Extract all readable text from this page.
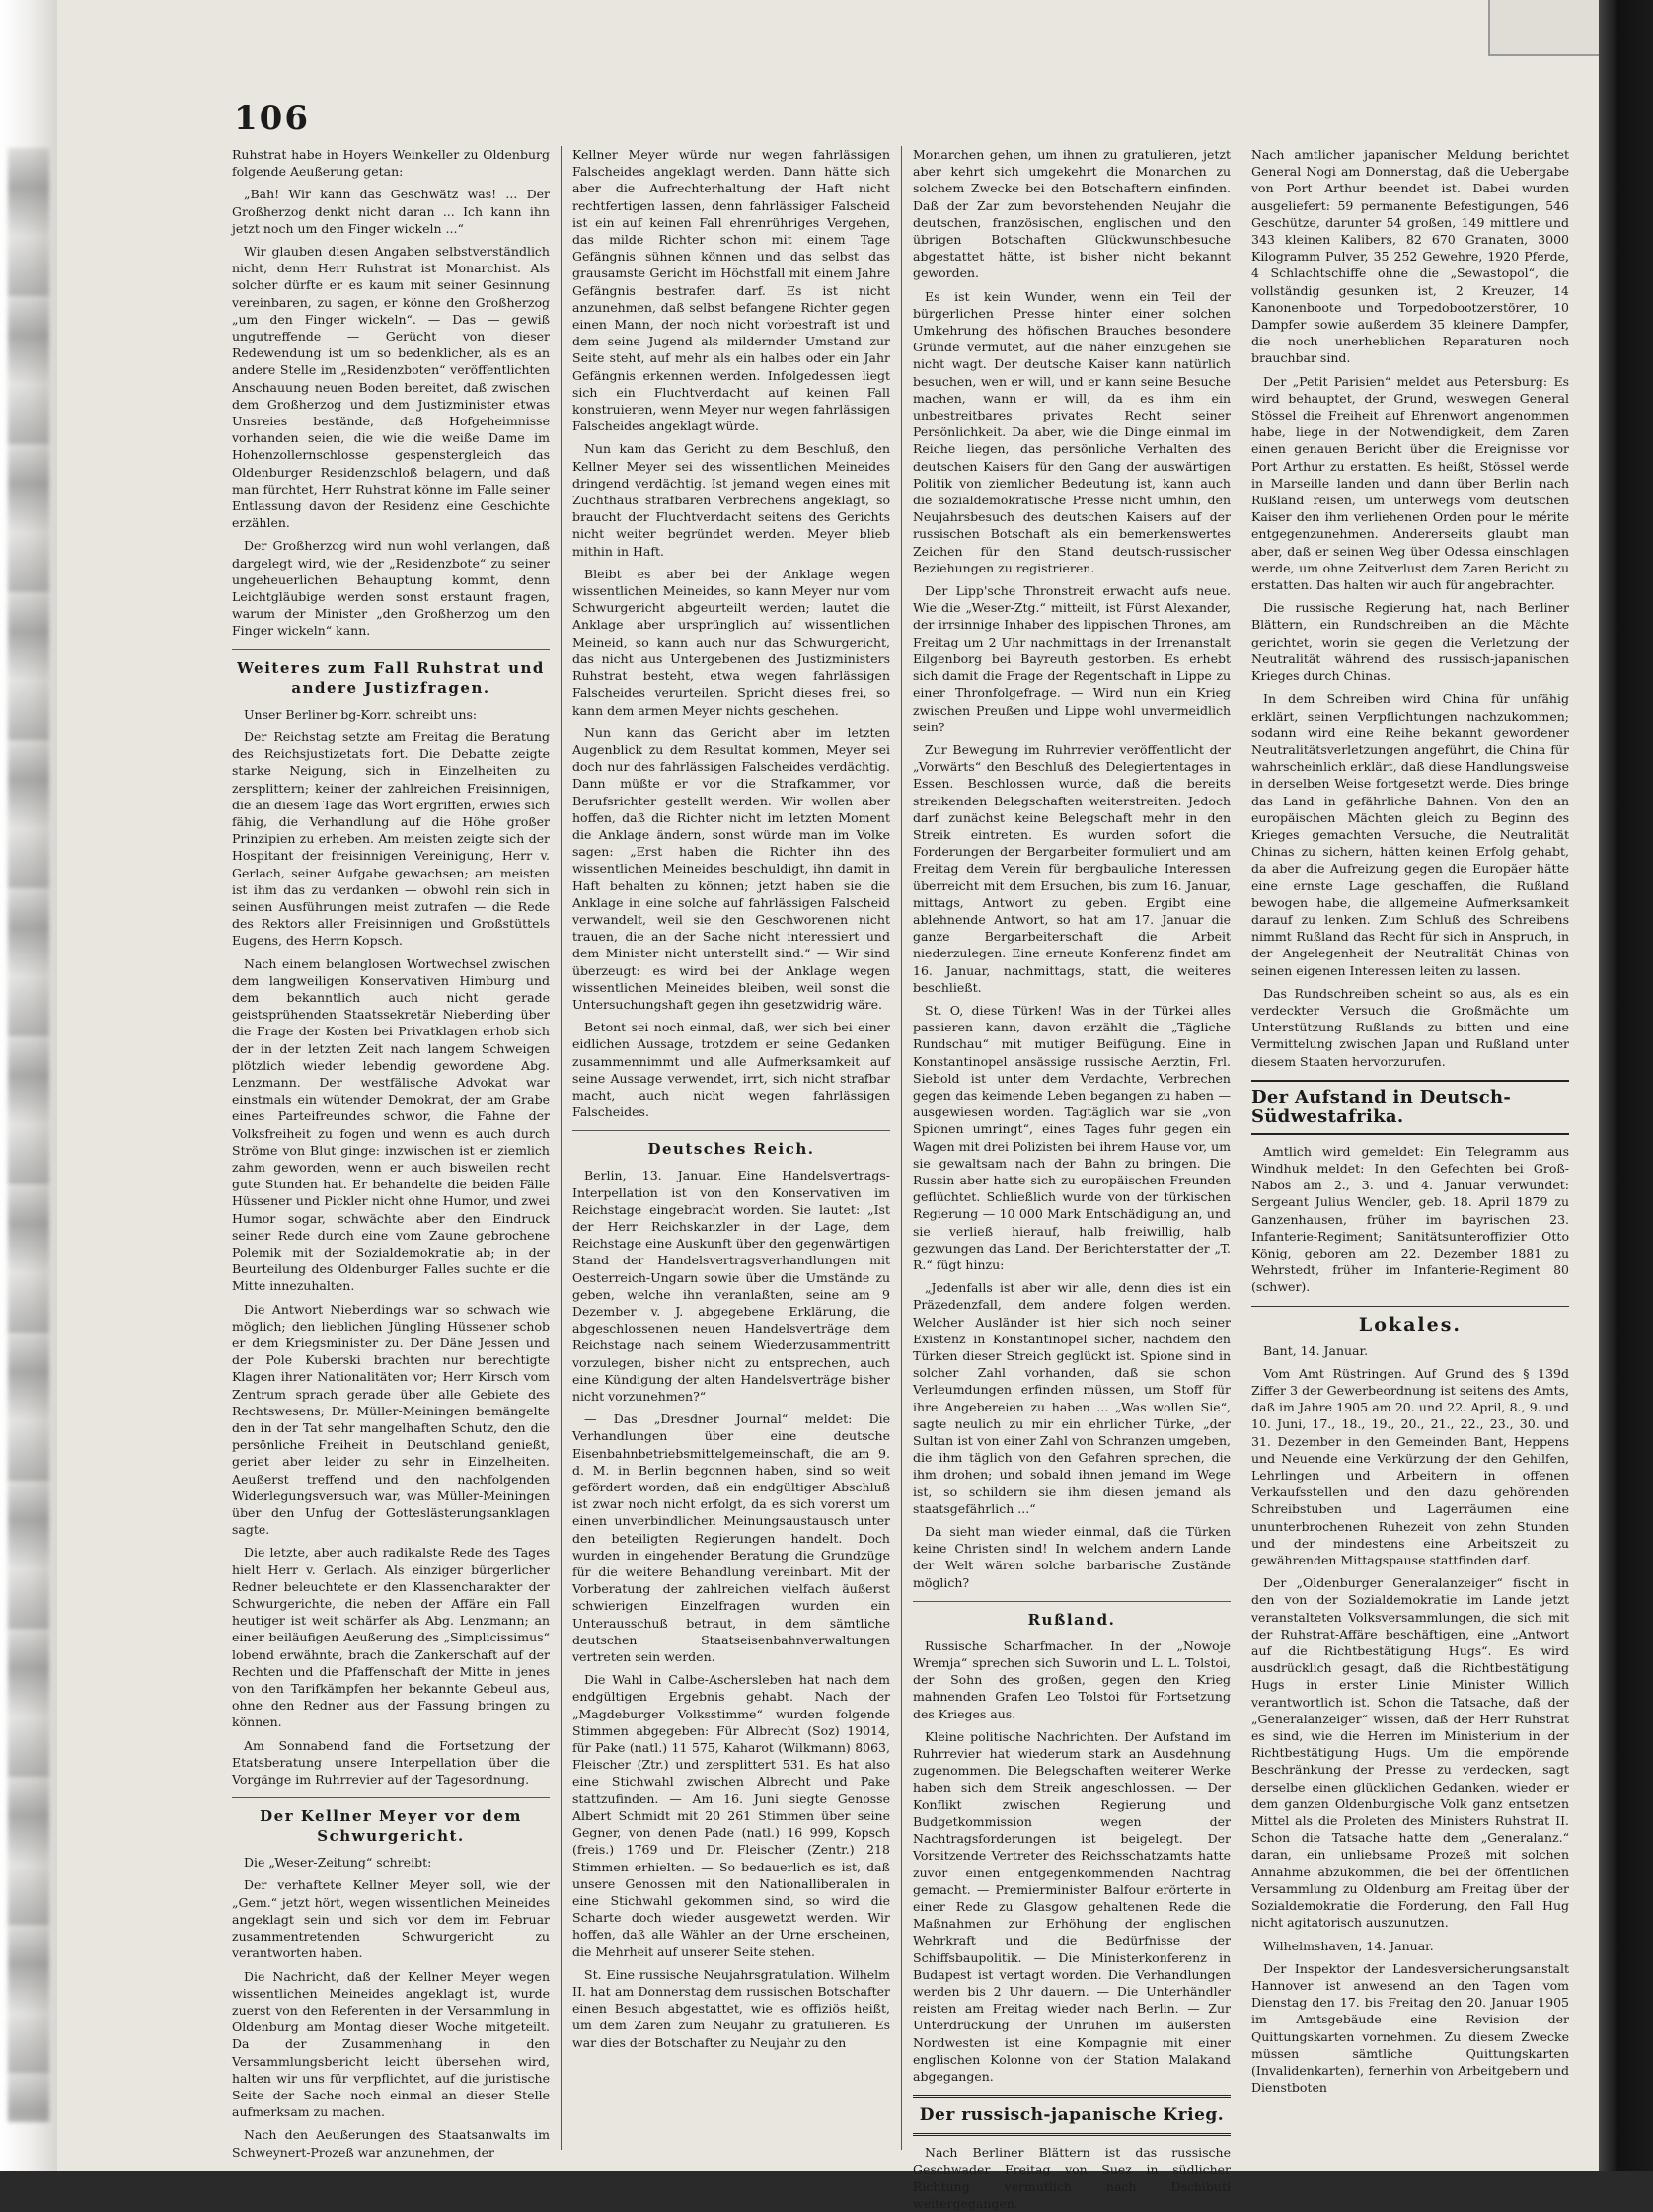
106

Ruhstrat habe in Hoyers Weinkeller zu Oldenburg folgende Aeußerung getan:

„Bah! Wir kann das Geschwätz was! ... Der Großherzog denkt nicht daran ... Ich kann ihn jetzt noch um den Finger wickeln ...“

Wir glauben diesen Angaben selbstverständlich nicht, denn Herr Ruhstrat ist Monarchist. Als solcher dürfte er es kaum mit seiner Gesinnung vereinbaren, zu sagen, er könne den Großherzog „um den Finger wickeln“. — Das — gewiß ungutreffende — Gerücht von dieser Redewendung ist um so bedenklicher, als es an andere Stelle im „Residenzboten“ veröffentlichten Anschauung neuen Boden bereitet, daß zwischen dem Großherzog und dem Justizminister etwas Unsreies bestände, daß Hofgeheimnisse vorhanden seien, die wie die weiße Dame im Hohenzollernschlosse gespenstergleich das Oldenburger Residenzschloß belagern, und daß man fürchtet, Herr Ruhstrat könne im Falle seiner Entlassung davon der Residenz eine Geschichte erzählen.

Der Großherzog wird nun wohl verlangen, daß dargelegt wird, wie der „Residenzbote“ zu seiner ungeheuerlichen Behauptung kommt, denn Leichtgläubige werden sonst erstaunt fragen, warum der Minister „den Großherzog um den Finger wickeln“ kann.

Weiteres zum Fall Ruhstrat und andere Justizfragen.

Unser Berliner bg-Korr. schreibt uns:

Der Reichstag setzte am Freitag die Beratung des Reichsjustizetats fort. Die Debatte zeigte starke Neigung, sich in Einzelheiten zu zersplittern; keiner der zahlreichen Freisinnigen, die an diesem Tage das Wort ergriffen, erwies sich fähig, die Verhandlung auf die Höhe großer Prinzipien zu erheben. Am meisten zeigte sich der Hospitant der freisinnigen Vereinigung, Herr v. Gerlach, seiner Aufgabe gewachsen; am meisten ist ihm das zu verdanken — obwohl rein sich in seinen Ausführungen meist zutrafen — die Rede des Rektors aller Freisinnigen und Großstüttels Eugens, des Herrn Kopsch.

Nach einem belanglosen Wortwechsel zwischen dem langweiligen Konservativen Himburg und dem bekanntlich auch nicht gerade geistsprühenden Staatssekretär Nieberding über die Frage der Kosten bei Privatklagen erhob sich der in der letzten Zeit nach langem Schweigen plötzlich wieder lebendig gewordene Abg. Lenzmann. Der westfälische Advokat war einstmals ein wütender Demokrat, der am Grabe eines Parteifreundes schwor, die Fahne der Volksfreiheit zu fogen und wenn es auch durch Ströme von Blut ginge: inzwischen ist er ziemlich zahm geworden, wenn er auch bisweilen recht gute Stunden hat. Er behandelte die beiden Fälle Hüssener und Pickler nicht ohne Humor, und zwei Humor sogar, schwächte aber den Eindruck seiner Rede durch eine vom Zaune gebrochene Polemik mit der Sozialdemokratie ab; in der Beurteilung des Oldenburger Falles suchte er die Mitte innezuhalten.

Die Antwort Nieberdings war so schwach wie möglich; den lieblichen Jüngling Hüssener schob er dem Kriegsminister zu. Der Däne Jessen und der Pole Kuberski brachten nur berechtigte Klagen ihrer Nationalitäten vor; Herr Kirsch vom Zentrum sprach gerade über alle Gebiete des Rechtswesens; Dr. Müller-Meiningen bemängelte den in der Tat sehr mangelhaften Schutz, den die persönliche Freiheit in Deutschland genießt, geriet aber leider zu sehr in Einzelheiten. Aeußerst treffend und den nachfolgenden Widerlegungsversuch war, was Müller-Meiningen über den Unfug der Gotteslästerungsanklagen sagte.

Die letzte, aber auch radikalste Rede des Tages hielt Herr v. Gerlach. Als einziger bürgerlicher Redner beleuchtete er den Klassencharakter der Schwurgerichte, die neben der Affäre ein Fall heutiger ist weit schärfer als Abg. Lenzmann; an einer beiläufigen Aeußerung des „Simplicissimus“ lobend erwähnte, brach die Zankerschaft auf der Rechten und die Pfaffenschaft der Mitte in jenes von den Tarifkämpfen her bekannte Gebeul aus, ohne den Redner aus der Fassung bringen zu können.

Am Sonnabend fand die Fortsetzung der Etatsberatung unsere Interpellation über die Vorgänge im Ruhrrevier auf der Tagesordnung.

Der Kellner Meyer vor dem Schwurgericht.

Die „Weser-Zeitung“ schreibt:

Der verhaftete Kellner Meyer soll, wie der „Gem.“ jetzt hört, wegen wissentlichen Meineides angeklagt sein und sich vor dem im Februar zusammentretenden Schwurgericht zu verantworten haben.

Die Nachricht, daß der Kellner Meyer wegen wissentlichen Meineides angeklagt ist, wurde zuerst von den Referenten in der Versammlung in Oldenburg am Montag dieser Woche mitgeteilt. Da der Zusammenhang in den Versammlungsbericht leicht übersehen wird, halten wir uns für verpflichtet, auf die juristische Seite der Sache noch einmal an dieser Stelle aufmerksam zu machen.

Nach den Aeußerungen des Staatsanwalts im Schweynert-Prozeß war anzunehmen, der

Kellner Meyer würde nur wegen fahrlässigen Falscheides angeklagt werden. Dann hätte sich aber die Aufrechterhaltung der Haft nicht rechtfertigen lassen, denn fahrlässiger Falscheid ist ein auf keinen Fall ehrenrühriges Vergehen, das milde Richter schon mit einem Tage Gefängnis sühnen können und das selbst das grausamste Gericht im Höchstfall mit einem Jahre Gefängnis bestrafen darf. Es ist nicht anzunehmen, daß selbst befangene Richter gegen einen Mann, der noch nicht vorbestraft ist und dem seine Jugend als mildernder Umstand zur Seite steht, auf mehr als ein halbes oder ein Jahr Gefängnis erkennen werden. Infolgedessen liegt sich ein Fluchtverdacht auf keinen Fall konstruieren, wenn Meyer nur wegen fahrlässigen Falscheides angeklagt würde.

Nun kam das Gericht zu dem Beschluß, den Kellner Meyer sei des wissentlichen Meineides dringend verdächtig. Ist jemand wegen eines mit Zuchthaus strafbaren Verbrechens angeklagt, so braucht der Fluchtverdacht seitens des Gerichts nicht weiter begründet werden. Meyer blieb mithin in Haft.

Bleibt es aber bei der Anklage wegen wissentlichen Meineides, so kann Meyer nur vom Schwurgericht abgeurteilt werden; lautet die Anklage aber ursprünglich auf wissentlichen Meineid, so kann auch nur das Schwurgericht, das nicht aus Untergebenen des Justizministers Ruhstrat besteht, etwa wegen fahrlässigen Falscheides verurteilen. Spricht dieses frei, so kann dem armen Meyer nichts geschehen.

Nun kann das Gericht aber im letzten Augenblick zu dem Resultat kommen, Meyer sei doch nur des fahrlässigen Falscheides verdächtig. Dann müßte er vor die Strafkammer, vor Berufsrichter gestellt werden. Wir wollen aber hoffen, daß die Richter nicht im letzten Moment die Anklage ändern, sonst würde man im Volke sagen: „Erst haben die Richter ihn des wissentlichen Meineides beschuldigt, ihn damit in Haft behalten zu können; jetzt haben sie die Anklage in eine solche auf fahrlässigen Falscheid verwandelt, weil sie den Geschworenen nicht trauen, die an der Sache nicht interessiert und dem Minister nicht unterstellt sind.“ — Wir sind überzeugt: es wird bei der Anklage wegen wissentlichen Meineides bleiben, weil sonst die Untersuchungshaft gegen ihn gesetzwidrig wäre.

Betont sei noch einmal, daß, wer sich bei einer eidlichen Aussage, trotzdem er seine Gedanken zusammennimmt und alle Aufmerksamkeit auf seine Aussage verwendet, irrt, sich nicht strafbar macht, auch nicht wegen fahrlässigen Falscheides.

Deutsches Reich.

Berlin, 13. Januar. Eine Handelsvertrags-Interpellation ist von den Konservativen im Reichstage eingebracht worden. Sie lautet: „Ist der Herr Reichskanzler in der Lage, dem Reichstage eine Auskunft über den gegenwärtigen Stand der Handelsvertragsverhandlungen mit Oesterreich-Ungarn sowie über die Umstände zu geben, welche ihn veranlaßten, seine am 9 Dezember v. J. abgegebene Erklärung, die abgeschlossenen neuen Handelsverträge dem Reichstage nach seinem Wiederzusammentritt vorzulegen, bisher nicht zu entsprechen, auch eine Kündigung der alten Handelsverträge bisher nicht vorzunehmen?“

— Das „Dresdner Journal“ meldet: Die Verhandlungen über eine deutsche Eisenbahnbetriebsmittelgemeinschaft, die am 9. d. M. in Berlin begonnen haben, sind so weit gefördert worden, daß ein endgültiger Abschluß ist zwar noch nicht erfolgt, da es sich vorerst um einen unverbindlichen Meinungsaustausch unter den beteiligten Regierungen handelt. Doch wurden in eingehender Beratung die Grundzüge für die weitere Behandlung vereinbart. Mit der Vorberatung der zahlreichen vielfach äußerst schwierigen Einzelfragen wurden ein Unterausschuß betraut, in dem sämtliche deutschen Staatseisenbahnverwaltungen vertreten sein werden.

Die Wahl in Calbe-Aschersleben hat nach dem endgültigen Ergebnis gehabt. Nach der „Magdeburger Volksstimme“ wurden folgende Stimmen abgegeben: Für Albrecht (Soz) 19014, für Pake (natl.) 11 575, Kaharot (Wilkmann) 8063, Fleischer (Ztr.) und zersplittert 531. Es hat also eine Stichwahl zwischen Albrecht und Pake stattzufinden. — Am 16. Juni siegte Genosse Albert Schmidt mit 20 261 Stimmen über seine Gegner, von denen Pade (natl.) 16 999, Kopsch (freis.) 1769 und Dr. Fleischer (Zentr.) 218 Stimmen erhielten. — So bedauerlich es ist, daß unsere Genossen mit den Nationalliberalen in eine Stichwahl gekommen sind, so wird die Scharte doch wieder ausgewetzt werden. Wir hoffen, daß alle Wähler an der Urne erscheinen, die Mehrheit auf unserer Seite stehen.

St. Eine russische Neujahrsgratulation. Wilhelm II. hat am Donnerstag dem russischen Botschafter einen Besuch abgestattet, wie es offiziös heißt, um dem Zaren zum Neujahr zu gratulieren. Es war dies der Botschafter zu Neujahr zu den

Monarchen gehen, um ihnen zu gratulieren, jetzt aber kehrt sich umgekehrt die Monarchen zu solchem Zwecke bei den Botschaftern einfinden. Daß der Zar zum bevorstehenden Neujahr die deutschen, französischen, englischen und den übrigen Botschaften Glückwunschbesuche abgestattet hätte, ist bisher nicht bekannt geworden.

Es ist kein Wunder, wenn ein Teil der bürgerlichen Presse hinter einer solchen Umkehrung des höfischen Brauches besondere Gründe vermutet, auf die näher einzugehen sie nicht wagt. Der deutsche Kaiser kann natürlich besuchen, wen er will, und er kann seine Besuche machen, wann er will, da es ihm ein unbestreitbares privates Recht seiner Persönlichkeit. Da aber, wie die Dinge einmal im Reiche liegen, das persönliche Verhalten des deutschen Kaisers für den Gang der auswärtigen Politik von ziemlicher Bedeutung ist, kann auch die sozialdemokratische Presse nicht umhin, den Neujahrsbesuch des deutschen Kaisers auf der russischen Botschaft als ein bemerkenswertes Zeichen für den Stand deutsch-russischer Beziehungen zu registrieren.

Der Lipp'sche Thronstreit erwacht aufs neue. Wie die „Weser-Ztg.“ mitteilt, ist Fürst Alexander, der irrsinnige Inhaber des lippischen Thrones, am Freitag um 2 Uhr nachmittags in der Irrenanstalt Eilgenborg bei Bayreuth gestorben. Es erhebt sich damit die Frage der Regentschaft in Lippe zu einer Thronfolgefrage. — Wird nun ein Krieg zwischen Preußen und Lippe wohl unvermeidlich sein?

Zur Bewegung im Ruhrrevier veröffentlicht der „Vorwärts“ den Beschluß des Delegiertentages in Essen. Beschlossen wurde, daß die bereits streikenden Belegschaften weiterstreiten. Jedoch darf zunächst keine Belegschaft mehr in den Streik eintreten. Es wurden sofort die Forderungen der Bergarbeiter formuliert und am Freitag dem Verein für bergbauliche Interessen überreicht mit dem Ersuchen, bis zum 16. Januar, mittags, Antwort zu geben. Ergibt eine ablehnende Antwort, so hat am 17. Januar die ganze Bergarbeiterschaft die Arbeit niederzulegen. Eine erneute Konferenz findet am 16. Januar, nachmittags, statt, die weiteres beschließt.

St. O, diese Türken! Was in der Türkei alles passieren kann, davon erzählt die „Tägliche Rundschau“ mit mutiger Beifügung. Eine in Konstantinopel ansässige russische Aerztin, Frl. Siebold ist unter dem Verdachte, Verbrechen gegen das keimende Leben begangen zu haben — ausgewiesen worden. Tagtäglich war sie „von Spionen umringt“, eines Tages fuhr gegen ein Wagen mit drei Polizisten bei ihrem Hause vor, um sie gewaltsam nach der Bahn zu bringen. Die Russin aber hatte sich zu europäischen Freunden geflüchtet. Schließlich wurde von der türkischen Regierung — 10 000 Mark Entschädigung an, und sie verließ hierauf, halb freiwillig, halb gezwungen das Land. Der Berichterstatter der „T. R.“ fügt hinzu:

„Jedenfalls ist aber wir alle, denn dies ist ein Präzedenzfall, dem andere folgen werden. Welcher Ausländer ist hier sich noch seiner Existenz in Konstantinopel sicher, nachdem den Türken dieser Streich geglückt ist. Spione sind in solcher Zahl vorhanden, daß sie schon Verleumdungen erfinden müssen, um Stoff für ihre Angebereien zu haben ... „Was wollen Sie“, sagte neulich zu mir ein ehrlicher Türke, „der Sultan ist von einer Zahl von Schranzen umgeben, die ihm täglich von den Gefahren sprechen, die ihm drohen; und sobald ihnen jemand im Wege ist, so schildern sie ihm diesen jemand als staatsgefährlich ...“

Da sieht man wieder einmal, daß die Türken keine Christen sind! In welchem andern Lande der Welt wären solche barbarische Zustände möglich?

Rußland.

Russische Scharfmacher. In der „Nowoje Wremja“ sprechen sich Suworin und L. L. Tolstoi, der Sohn des großen, gegen den Krieg mahnenden Grafen Leo Tolstoi für Fortsetzung des Krieges aus.

Kleine politische Nachrichten. Der Aufstand im Ruhrrevier hat wiederum stark an Ausdehnung zugenommen. Die Belegschaften weiterer Werke haben sich dem Streik angeschlossen. — Der Konflikt zwischen Regierung und Budgetkommission wegen der Nachtragsforderungen ist beigelegt. Der Vorsitzende Vertreter des Reichsschatzamts hatte zuvor einen entgegenkommenden Nachtrag gemacht. — Premierminister Balfour erörterte in einer Rede zu Glasgow gehaltenen Rede die Maßnahmen zur Erhöhung der englischen Wehrkraft und die Bedürfnisse der Schiffsbaupolitik. — Die Ministerkonferenz in Budapest ist vertagt worden. Die Verhandlungen werden bis 2 Uhr dauern. — Die Unterhändler reisten am Freitag wieder nach Berlin. — Zur Unterdrückung der Unruhen im äußersten Nordwesten ist eine Kompagnie mit einer englischen Kolonne von der Station Malakand abgegangen.

Der russisch-japanische Krieg.

Nach Berliner Blättern ist das russische Geschwader Freitag von Suez in südlicher Richtung vermutlich nach Dschibuti weitergegangen.

Nach amtlicher japanischer Meldung berichtet General Nogi am Donnerstag, daß die Uebergabe von Port Arthur beendet ist. Dabei wurden ausgeliefert: 59 permanente Befestigungen, 546 Geschütze, darunter 54 großen, 149 mittlere und 343 kleinen Kalibers, 82 670 Granaten, 3000 Kilogramm Pulver, 35 252 Gewehre, 1920 Pferde, 4 Schlachtschiffe ohne die „Sewastopol“, die vollständig gesunken ist, 2 Kreuzer, 14 Kanonenboote und Torpedobootzerstörer, 10 Dampfer sowie außerdem 35 kleinere Dampfer, die noch unerheblichen Reparaturen noch brauchbar sind.

Der „Petit Parisien“ meldet aus Petersburg: Es wird behauptet, der Grund, weswegen General Stössel die Freiheit auf Ehrenwort angenommen habe, liege in der Notwendigkeit, dem Zaren einen genauen Bericht über die Ereignisse vor Port Arthur zu erstatten. Es heißt, Stössel werde in Marseille landen und dann über Berlin nach Rußland reisen, um unterwegs vom deutschen Kaiser den ihm verliehenen Orden pour le mérite entgegenzunehmen. Andererseits glaubt man aber, daß er seinen Weg über Odessa einschlagen werde, um ohne Zeitverlust dem Zaren Bericht zu erstatten. Das halten wir auch für angebrachter.

Die russische Regierung hat, nach Berliner Blättern, ein Rundschreiben an die Mächte gerichtet, worin sie gegen die Verletzung der Neutralität während des russisch-japanischen Krieges durch Chinas.

In dem Schreiben wird China für unfähig erklärt, seinen Verpflichtungen nachzukommen; sodann wird eine Reihe bekannt gewordener Neutralitätsverletzungen angeführt, die China für wahrscheinlich erklärt, daß diese Handlungsweise in derselben Weise fortgesetzt werde. Dies bringe das Land in gefährliche Bahnen. Von den an europäischen Mächten gleich zu Beginn des Krieges gemachten Versuche, die Neutralität Chinas zu sichern, hätten keinen Erfolg gehabt, da aber die Aufreizung gegen die Europäer hätte eine ernste Lage geschaffen, die Rußland bewogen habe, die allgemeine Aufmerksamkeit darauf zu lenken. Zum Schluß des Schreibens nimmt Rußland das Recht für sich in Anspruch, in der Angelegenheit der Neutralität Chinas von seinen eigenen Interessen leiten zu lassen.

Das Rundschreiben scheint so aus, als es ein verdeckter Versuch die Großmächte um Unterstützung Rußlands zu bitten und eine Vermittelung zwischen Japan und Rußland unter diesem Staaten hervorzurufen.

Der Aufstand in Deutsch-Südwestafrika.

Amtlich wird gemeldet: Ein Telegramm aus Windhuk meldet: In den Gefechten bei Groß-Nabos am 2., 3. und 4. Januar verwundet: Sergeant Julius Wendler, geb. 18. April 1879 zu Ganzenhausen, früher im bayrischen 23. Infanterie-Regiment; Sanitätsunteroffizier Otto König, geboren am 22. Dezember 1881 zu Wehrstedt, früher im Infanterie-Regiment 80 (schwer).

Lokales.

Bant, 14. Januar.

Vom Amt Rüstringen. Auf Grund des § 139d Ziffer 3 der Gewerbeordnung ist seitens des Amts, daß im Jahre 1905 am 20. und 22. April, 8., 9. und 10. Juni, 17., 18., 19., 20., 21., 22., 23., 30. und 31. Dezember in den Gemeinden Bant, Heppens und Neuende eine Verkürzung der den Gehilfen, Lehrlingen und Arbeitern in offenen Verkaufsstellen und den dazu gehörenden Schreibstuben und Lagerräumen eine ununterbrochenen Ruhezeit von zehn Stunden und der mindestens eine Arbeitszeit zu gewährenden Mittagspause stattfinden darf.

Der „Oldenburger Generalanzeiger“ fischt in den von der Sozialdemokratie im Lande jetzt veranstalteten Volksversammlungen, die sich mit der Ruhstrat-Affäre beschäftigen, eine „Antwort auf die Richtbestätigung Hugs“. Es wird ausdrücklich gesagt, daß die Richtbestätigung Hugs in erster Linie Minister Willich verantwortlich ist. Schon die Tatsache, daß der „Generalanzeiger“ wissen, daß der Herr Ruhstrat es sind, wie die Herren im Ministerium in der Richtbestätigung Hugs. Um die empörende Beschränkung der Presse zu verdecken, sagt derselbe einen glücklichen Gedanken, wieder er dem ganzen Oldenburgische Volk ganz entsetzen Mittel als die Proleten des Ministers Ruhstrat II. Schon die Tatsache hatte dem „Generalanz.“ daran, ein unliebsame Prozeß mit solchen Annahme abzukommen, die bei der öffentlichen Versammlung zu Oldenburg am Freitag über der Sozialdemokratie die Forderung, den Fall Hug nicht agitatorisch auszunutzen.

Wilhelmshaven, 14. Januar.

Der Inspektor der Landesversicherungsanstalt Hannover ist anwesend an den Tagen vom Dienstag den 17. bis Freitag den 20. Januar 1905 im Amtsgebäude eine Revision der Quittungskarten vornehmen. Zu diesem Zwecke müssen sämtliche Quittungskarten (Invalidenkarten), fernerhin von Arbeitgebern und Dienstboten
